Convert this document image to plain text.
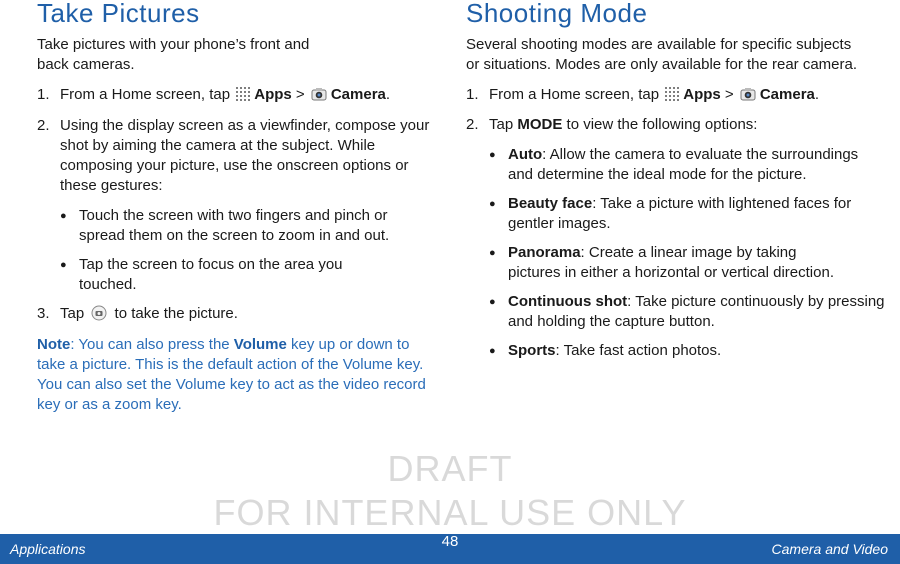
Take Pictures

Take pictures with your phone’s front and back cameras.

1. From a Home screen, tap Apps > Camera.
2. Using the display screen as a viewfinder, compose your shot by aiming the camera at the subject. While composing your picture, use the onscreen options or these gestures:
● Touch the screen with two fingers and pinch or spread them on the screen to zoom in and out.
● Tap the screen to focus on the area you touched.
3. Tap  to take the picture.

Note: You can also press the Volume key up or down to take a picture. This is the default action of the Volume key. You can also set the Volume key to act as the video record key or as a zoom key.

Shooting Mode

Several shooting modes are available for specific subjects or situations. Modes are only available for the rear camera.

1. From a Home screen, tap Apps > Camera.
2. Tap MODE to view the following options:
● Auto: Allow the camera to evaluate the surroundings and determine the ideal mode for the picture.
● Beauty face: Take a picture with lightened faces for gentler images.
● Panorama: Create a linear image by taking pictures in either a horizontal or vertical direction.
● Continuous shot: Take picture continuously by pressing and holding the capture button.
● Sports: Take fast action photos.
DRAFT
FOR INTERNAL USE ONLY
Applications	48	Camera and Video
